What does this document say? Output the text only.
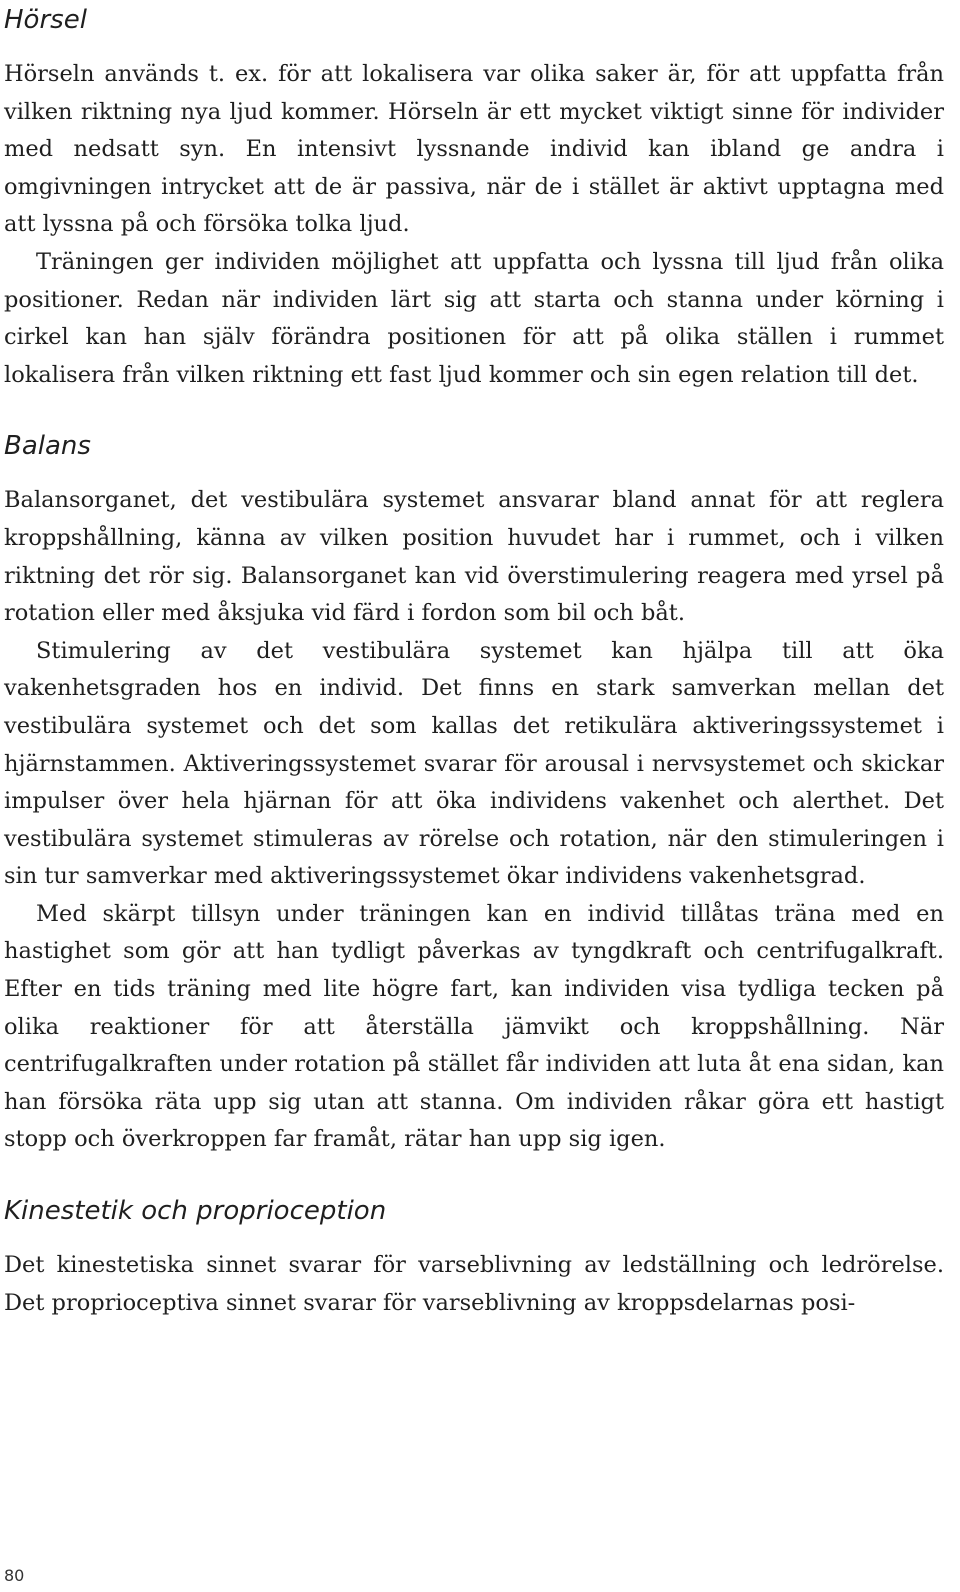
Hörsel

Hörseln används t. ex. för att lokalisera var olika saker är, för att uppfatta från vilken riktning nya ljud kommer. Hörseln är ett mycket viktigt sinne för individer med nedsatt syn. En intensivt lyssnande individ kan ibland ge andra i omgivningen intrycket att de är passiva, när de i stället är aktivt upptagna med att lyssna på och försöka tolka ljud.

Träningen ger individen möjlighet att uppfatta och lyssna till ljud från olika positioner. Redan när individen lärt sig att starta och stanna under körning i cirkel kan han själv förändra positionen för att på olika ställen i rummet lokalisera från vilken riktning ett fast ljud kommer och sin egen relation till det.

Balans

Balansorganet, det vestibulära systemet ansvarar bland annat för att reglera kroppshållning, känna av vilken position huvudet har i rummet, och i vilken riktning det rör sig. Balansorganet kan vid överstimulering reagera med yrsel på rotation eller med åksjuka vid färd i fordon som bil och båt.

Stimulering av det vestibulära systemet kan hjälpa till att öka vakenhetsgraden hos en individ. Det finns en stark samverkan mellan det vestibulära systemet och det som kallas det retikulära aktiveringssystemet i hjärnstammen. Aktiveringssystemet svarar för arousal i nervsystemet och skickar impulser över hela hjärnan för att öka individens vakenhet och alerthet. Det vestibulära systemet stimuleras av rörelse och rotation, när den stimuleringen i sin tur samverkar med aktiveringssystemet ökar individens vakenhetsgrad.

Med skärpt tillsyn under träningen kan en individ tillåtas träna med en hastighet som gör att han tydligt påverkas av tyngdkraft och centrifugalkraft. Efter en tids träning med lite högre fart, kan individen visa tydliga tecken på olika reaktioner för att återställa jämvikt och kroppshållning. När centrifugalkraften under rotation på stället får individen att luta åt ena sidan, kan han försöka räta upp sig utan att stanna. Om individen råkar göra ett hastigt stopp och överkroppen far framåt, rätar han upp sig igen.

Kinestetik och proprioception

Det kinestetiska sinnet svarar för varseblivning av ledställning och ledrörelse. Det proprioceptiva sinnet svarar för varseblivning av kroppsdelarnas posi-

80
